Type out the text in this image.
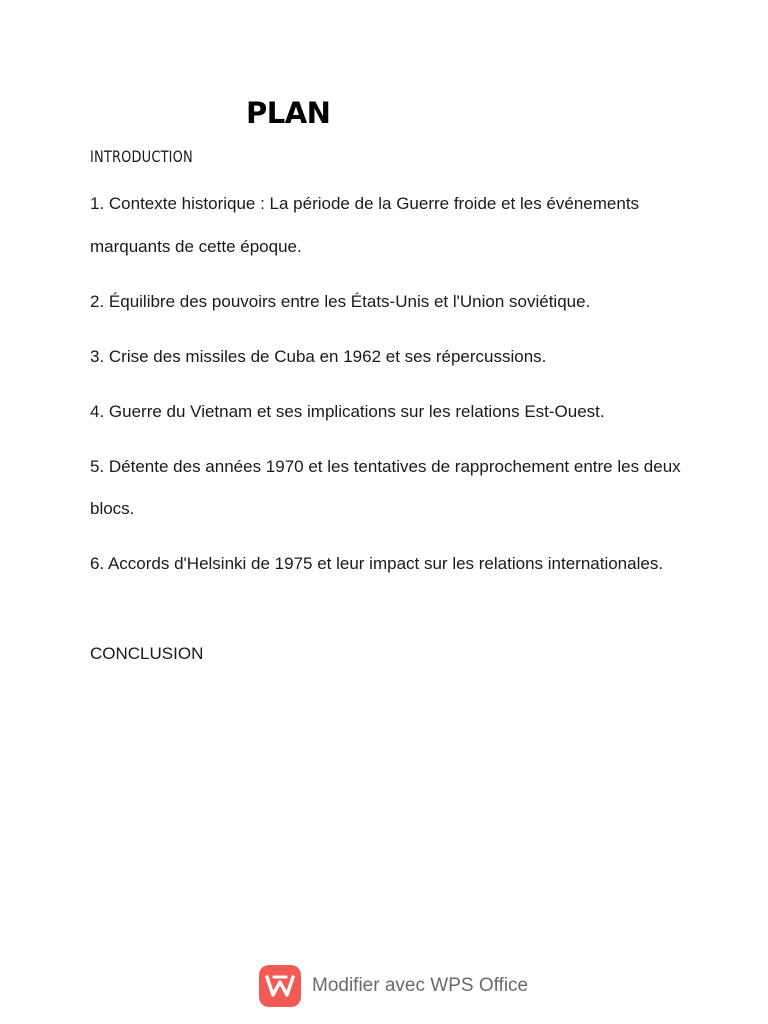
PLAN
INTRODUCTION
1. Contexte historique : La période de la Guerre froide et les événements marquants de cette époque.
2. Équilibre des pouvoirs entre les États-Unis et l'Union soviétique.
3. Crise des missiles de Cuba en 1962 et ses répercussions.
4. Guerre du Vietnam et ses implications sur les relations Est-Ouest.
5. Détente des années 1970 et les tentatives de rapprochement entre les deux blocs.
6. Accords d'Helsinki de 1975 et leur impact sur les relations internationales.
CONCLUSION
Modifier avec WPS Office
